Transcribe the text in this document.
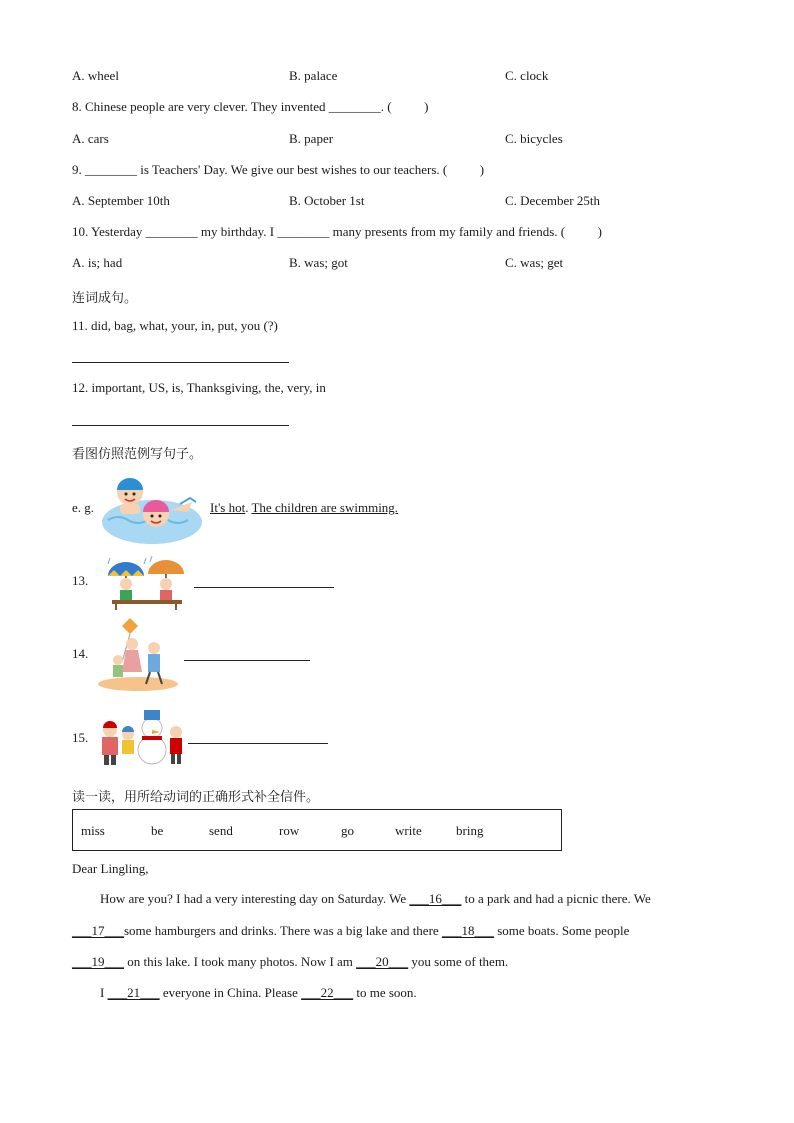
A. wheel	B. palace	C. clock
8. Chinese people are very clever. They invented ________. (          )
A. cars	B. paper	C. bicycles
9. ________ is Teachers' Day. We give our best wishes to our teachers. (          )
A. September 10th	B. October 1st	C. December 25th
10. Yesterday ________ my birthday. I ________ many presents from my family and friends. (          )
A. is; had	B. was; got	C. was; get
连词成句。
11. did, bag, what, your, in, put, you (?)
12. important, US, is, Thanksgiving, the, very, in
看图仿照范例写句子。
e. g.	It's hot. The children are swimming.
13.
14.
15.
读一读，用所给动词的正确形式补全信件。
miss	be	send	row	go	write	bring
Dear Lingling,
How are you? I had a very interesting day on Saturday. We ___16___ to a park and had a picnic there. We
___17___some hamburgers and drinks. There was a big lake and there ___18___ some boats. Some people
___19___ on this lake. I took many photos. Now I am ___20___ you some of them.
I ___21___ everyone in China. Please ___22___ to me soon.
